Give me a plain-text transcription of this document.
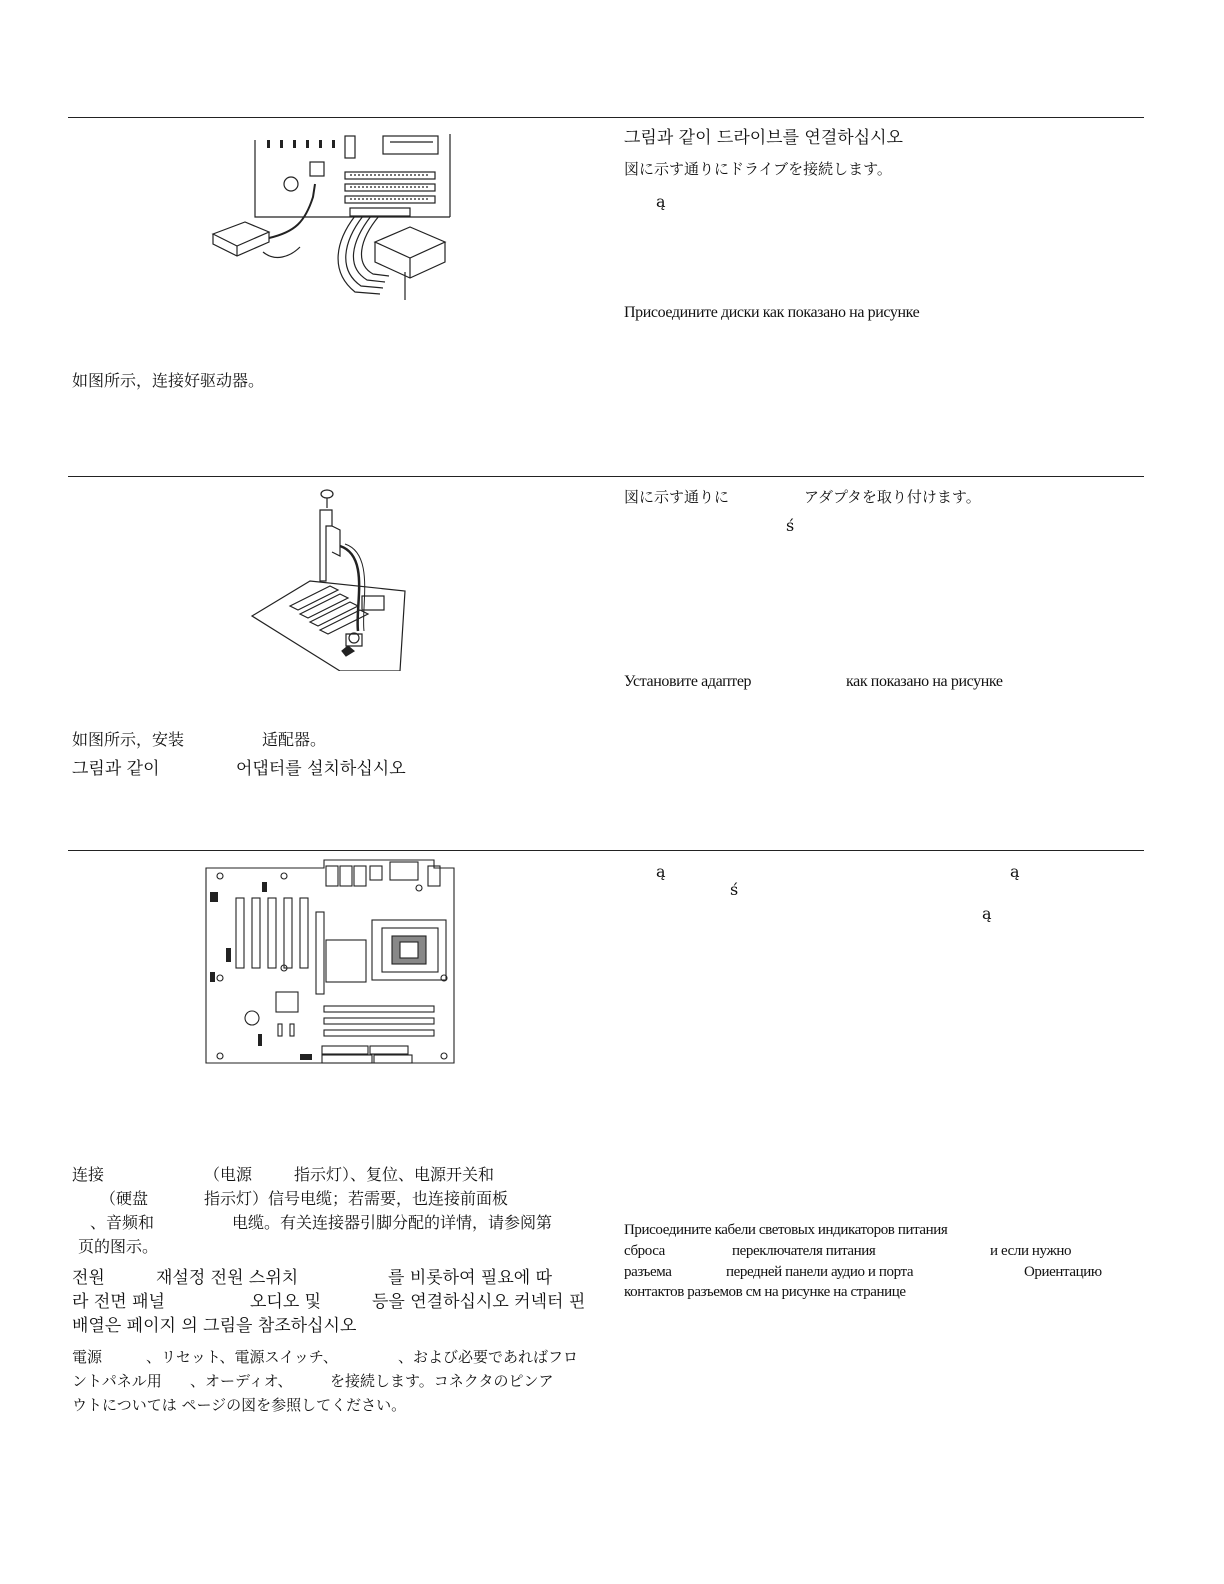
그림과 같이 드라이브를 연결하십시오
図に示す通りにドライブを接続します。
ą
Присоедините диски как показано на рисунке
如图所示，连接好驱动器。
図に示す通りに	アダプタを取り付けます。
ś
Установите адаптер	как показано на рисунке
如图所示，安装	适配器。
그림과 같이	어댑터를 설치하십시오
ą	ą
ś
ą
连接	（电源	指示灯）、复位、电源开关和
（硬盘	指示灯）信号电缆；若需要，也连接前面板
、音频和	电缆。有关连接器引脚分配的详情，请参阅第
页的图示。
전원	재설정 전원 스위치	를 비롯하여 필요에 따
라 전면 패널	오디오 및	등을 연결하십시오 커넥터 핀
배열은 페이지 의 그림을 참조하십시오
電源	、リセット、電源スイッチ、	、および必要であればフロ
ントパネル用 、オーディオ、	を接続します。コネクタのピンア
ウトについては ページの図を参照してください。
Присоедините кабели световых индикаторов питания
сброса	переключателя питания	и если нужно
разъема	передней панели аудио и порта	Ориентацию
контактов разъемов см на рисунке на странице
